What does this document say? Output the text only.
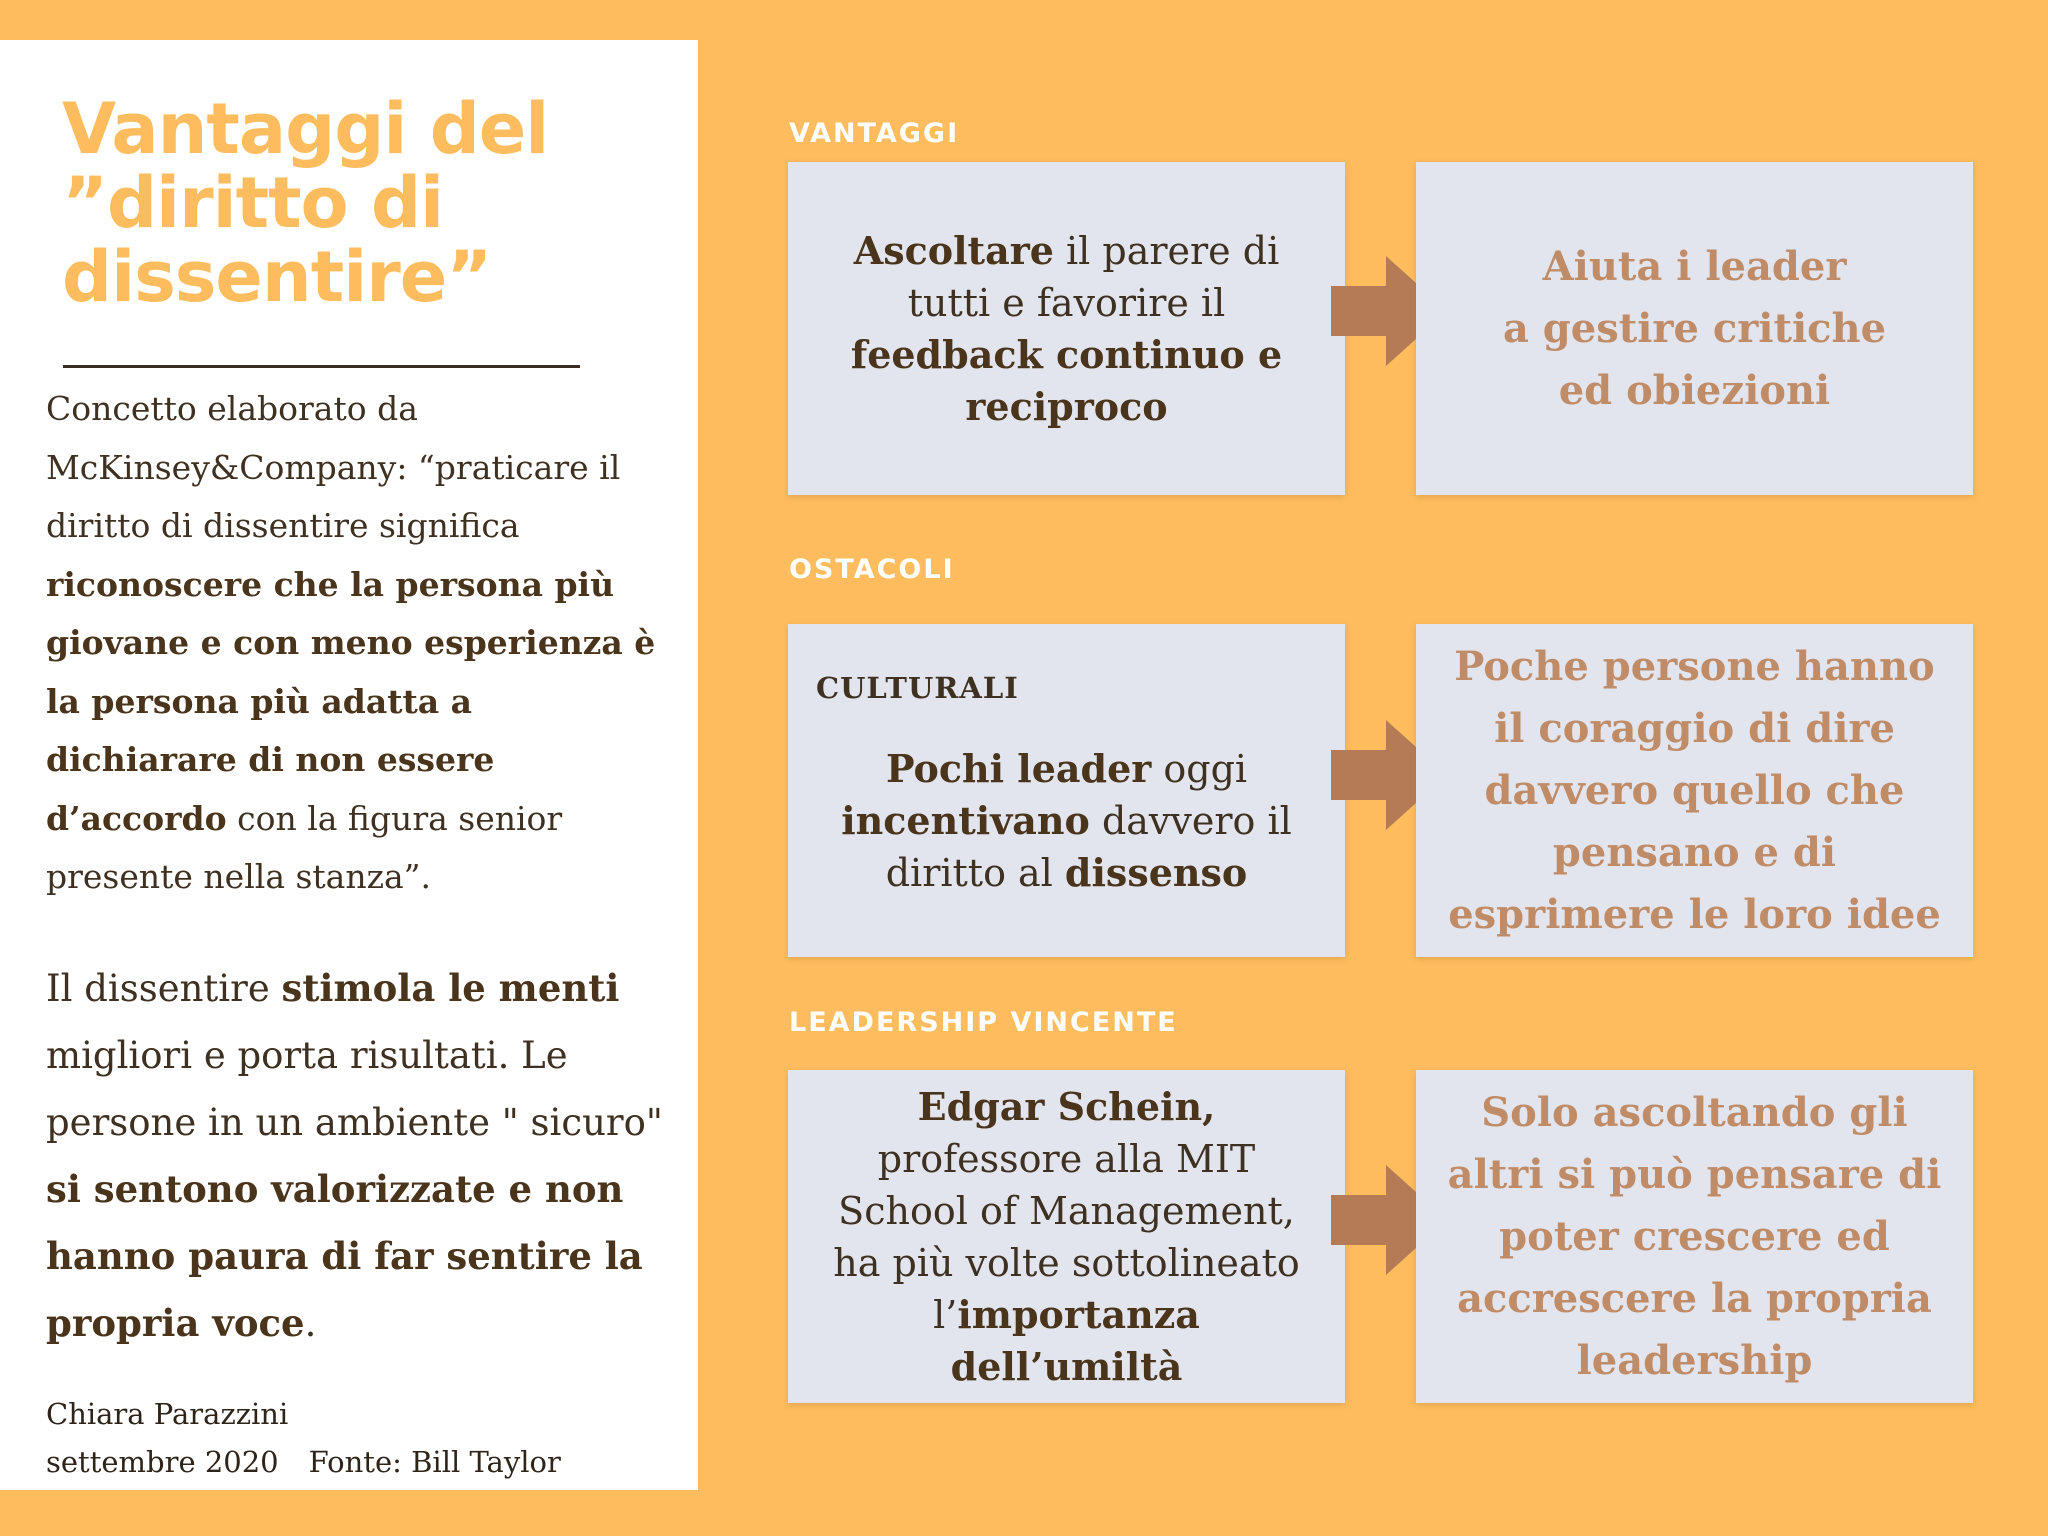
Vantaggi del
”diritto di
dissentire”

Concetto elaborato da McKinsey&Company: “praticare il diritto di dissentire significa riconoscere che la persona più giovane e con meno esperienza è la persona più adatta a dichiarare di non essere d’accordo con la figura senior presente nella stanza”.

Il dissentire stimola le menti migliori e porta risultati. Le persone in un ambiente " sicuro" si sentono valorizzate e non hanno paura di far sentire la propria voce.

Chiara Parazzini
settembre 2020 Fonte: Bill Taylor
VANTAGGI
Ascoltare il parere di tutti e favorire il feedback continuo e reciproco
Aiuta i leader
a gestire critiche
ed obiezioni
OSTACOLI
CULTURALI
Pochi leader oggi incentivano davvero il diritto al dissenso
Poche persone hanno il coraggio di dire davvero quello che pensano e di esprimere le loro idee
LEADERSHIP VINCENTE
Edgar Schein,
professore alla MIT School of Management, ha più volte sottolineato l’importanza dell’umiltà
Solo ascoltando gli altri si può pensare di poter crescere ed accrescere la propria leadership
